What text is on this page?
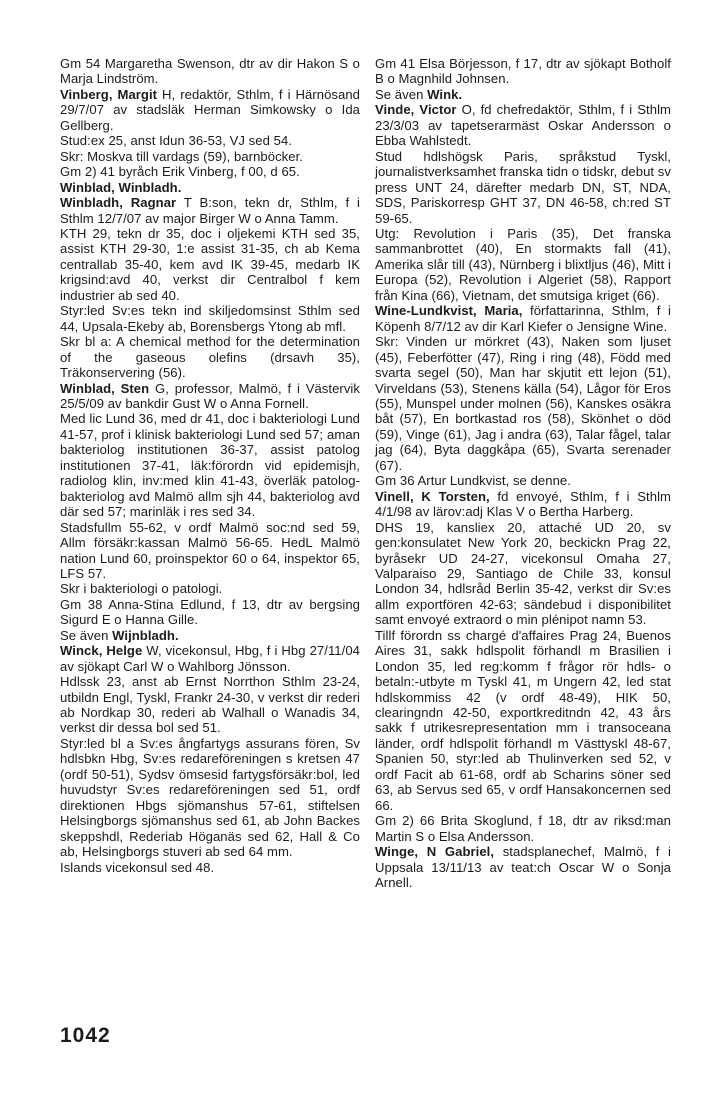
Gm 54 Margaretha Swenson, dtr av dir Hakon S o Marja Lindström.

Vinberg, Margit H, redaktör, Sthlm, f i Härnösand 29/7/07 av stadsläk Herman Simkowsky o Ida Gellberg.

Stud:ex 25, anst Idun 36-53, VJ sed 54.

Skr: Moskva till vardags (59), barnböcker.

Gm 2) 41 byråch Erik Vinberg, f 00, d 65.

Winblad, Winbladh.

Winbladh, Ragnar T B:son, tekn dr, Sthlm, f i Sthlm 12/7/07 av major Birger W o Anna Tamm.

KTH 29, tekn dr 35, doc i oljekemi KTH sed 35, assist KTH 29-30, 1:e assist 31-35, ch ab Kema centrallab 35-40, kem avd IK 39-45, medarb IK krigsind:avd 40, verkst dir Centralbol f kem industrier ab sed 40.

Styr:led Sv:es tekn ind skiljedomsinst Sthlm sed 44, Upsala-Ekeby ab, Borensbergs Ytong ab mfl.

Skr bl a: A chemical method for the determination of the gaseous olefins (drsavh 35), Träkonservering (56).

Winblad, Sten G, professor, Malmö, f i Västervik 25/5/09 av bankdir Gust W o Anna Fornell.

Med lic Lund 36, med dr 41, doc i bakteriologi Lund 41-57, prof i klinisk bakteriologi Lund sed 57; aman bakteriolog institutionen 36-37, assist patolog institutionen 37-41, läk:förordn vid epidemisjh, radiolog klin, inv:med klin 41-43, överläk patolog-bakteriolog avd Malmö allm sjh 44, bakteriolog avd där sed 57; marinläk i res sed 34.

Stadsfullm 55-62, v ordf Malmö soc:nd sed 59, Allm försäkr:kassan Malmö 56-65. HedL Malmö nation Lund 60, proinspektor 60 o 64, inspektor 65, LFS 57.

Skr i bakteriologi o patologi.

Gm 38 Anna-Stina Edlund, f 13, dtr av bergsing Sigurd E o Hanna Gille.

Se även Wijnbladh.

Winck, Helge W, vicekonsul, Hbg, f i Hbg 27/11/04 av sjökapt Carl W o Wahlborg Jönsson.

Hdlssk 23, anst ab Ernst Norrthon Sthlm 23-24, utbildn Engl, Tyskl, Frankr 24-30, v verkst dir rederi ab Nordkap 30, rederi ab Walhall o Wanadis 34, verkst dir dessa bol sed 51.

Styr:led bl a Sv:es ångfartygs assurans fören, Sv hdlsbkn Hbg, Sv:es redareföreningen s kretsen 47 (ordf 50-51), Sydsv ömsesid fartygsförsäkr:bol, led huvudstyr Sv:es redareföreningen sed 51, ordf direktionen Hbgs sjömanshus 57-61, stiftelsen Helsingborgs sjömanshus sed 61, ab John Backes skeppshdl, Rederiab Höganäs sed 62, Hall & Co ab, Helsingborgs stuveri ab sed 64 mm.

Islands vicekonsul sed 48.

Gm 41 Elsa Börjesson, f 17, dtr av sjökapt Botholf B o Magnhild Johnsen.

Se även Wink.

Vinde, Victor O, fd chefredaktör, Sthlm, f i Sthlm 23/3/03 av tapetserarmäst Oskar Andersson o Ebba Wahlstedt.

Stud hdlshögsk Paris, språkstud Tyskl, journalistverksamhet franska tidn o tidskr, debut sv press UNT 24, därefter medarb DN, ST, NDA, SDS, Pariskorresp GHT 37, DN 46-58, ch:red ST 59-65.

Utg: Revolution i Paris (35), Det franska sammanbrottet (40), En stormakts fall (41), Amerika slår till (43), Nürnberg i blixtljus (46), Mitt i Europa (52), Revolution i Algeriet (58), Rapport från Kina (66), Vietnam, det smutsiga kriget (66).

Wine-Lundkvist, Maria, författarinna, Sthlm, f i Köpenh 8/7/12 av dir Karl Kiefer o Jensigne Wine.

Skr: Vinden ur mörkret (43), Naken som ljuset (45), Feberfötter (47), Ring i ring (48), Född med svarta segel (50), Man har skjutit ett lejon (51), Virveldans (53), Stenens källa (54), Lågor för Eros (55), Munspel under molnen (56), Kanskes osäkra båt (57), En bortkastad ros (58), Skönhet o död (59), Vinge (61), Jag i andra (63), Talar fågel, talar jag (64), Byta daggkåpa (65), Svarta serenader (67).

Gm 36 Artur Lundkvist, se denne.

Vinell, K Torsten, fd envoyé, Sthlm, f i Sthlm 4/1/98 av lärov:adj Klas V o Bertha Harberg.

DHS 19, kansliex 20, attaché UD 20, sv gen:konsulatet New York 20, beckickn Prag 22, byråsekr UD 24-27, vicekonsul Omaha 27, Valparaiso 29, Santiago de Chile 33, konsul London 34, hdlsråd Berlin 35-42, verkst dir Sv:es allm exportfören 42-63; sändebud i disponibilitet samt envoyé extraord o min plénipot namn 53.

Tillf förordn ss chargé d'affaires Prag 24, Buenos Aires 31, sakk hdlspolit förhandl m Brasilien i London 35, led reg:komm f frågor rör hdls- o betaln:-utbyte m Tyskl 41, m Ungern 42, led stat hdlskommiss 42 (v ordf 48-49), HIK 50, clearingndn 42-50, exportkreditndn 42, 43 års sakk f utrikesrepresentation mm i transoceana länder, ordf hdlspolit förhandl m Västtyskl 48-67, Spanien 50, styr:led ab Thulinverken sed 52, v ordf Facit ab 61-68, ordf ab Scharins söner sed 63, ab Servus sed 65, v ordf Hansakoncernen sed 66.

Gm 2) 66 Brita Skoglund, f 18, dtr av riksd:man Martin S o Elsa Andersson.

Winge, N Gabriel, stadsplanechef, Malmö, f i Uppsala 13/11/13 av teat:ch Oscar W o Sonja Arnell.

1042
